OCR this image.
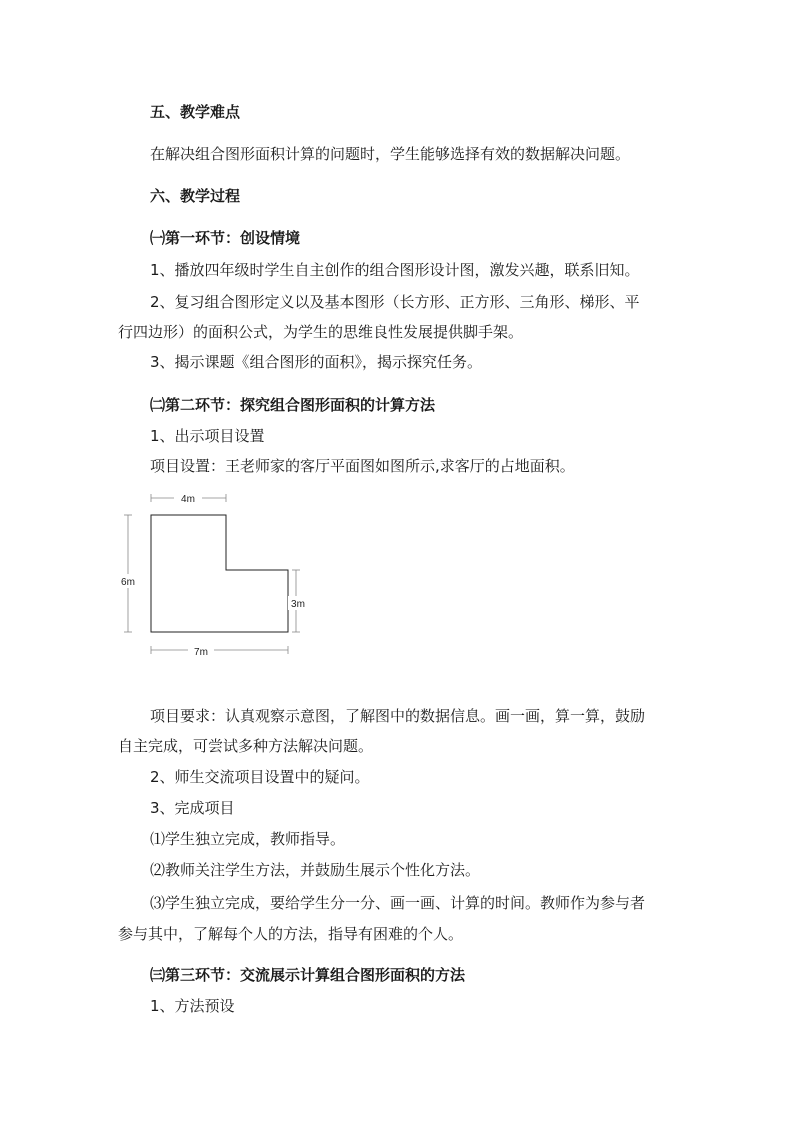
五、教学难点
在解决组合图形面积计算的问题时，学生能够选择有效的数据解决问题。
六、教学过程
㈠第一环节：创设情境
1、播放四年级时学生自主创作的组合图形设计图，激发兴趣，联系旧知。
2、复习组合图形定义以及基本图形（长方形、正方形、三角形、梯形、平
行四边形）的面积公式，为学生的思维良性发展提供脚手架。
3、揭示课题《组合图形的面积》，揭示探究任务。
㈡第二环节：探究组合图形面积的计算方法
1、出示项目设置
项目设置：王老师家的客厅平面图如图所示,求客厅的占地面积。
4m
6m
3m
7m
项目要求：认真观察示意图，了解图中的数据信息。画一画，算一算，鼓励
自主完成，可尝试多种方法解决问题。
2、师生交流项目设置中的疑问。
3、完成项目
⑴学生独立完成，教师指导。
⑵教师关注学生方法，并鼓励生展示个性化方法。
⑶学生独立完成，要给学生分一分、画一画、计算的时间。教师作为参与者
参与其中，了解每个人的方法，指导有困难的个人。
㈢第三环节：交流展示计算组合图形面积的方法
1、方法预设
